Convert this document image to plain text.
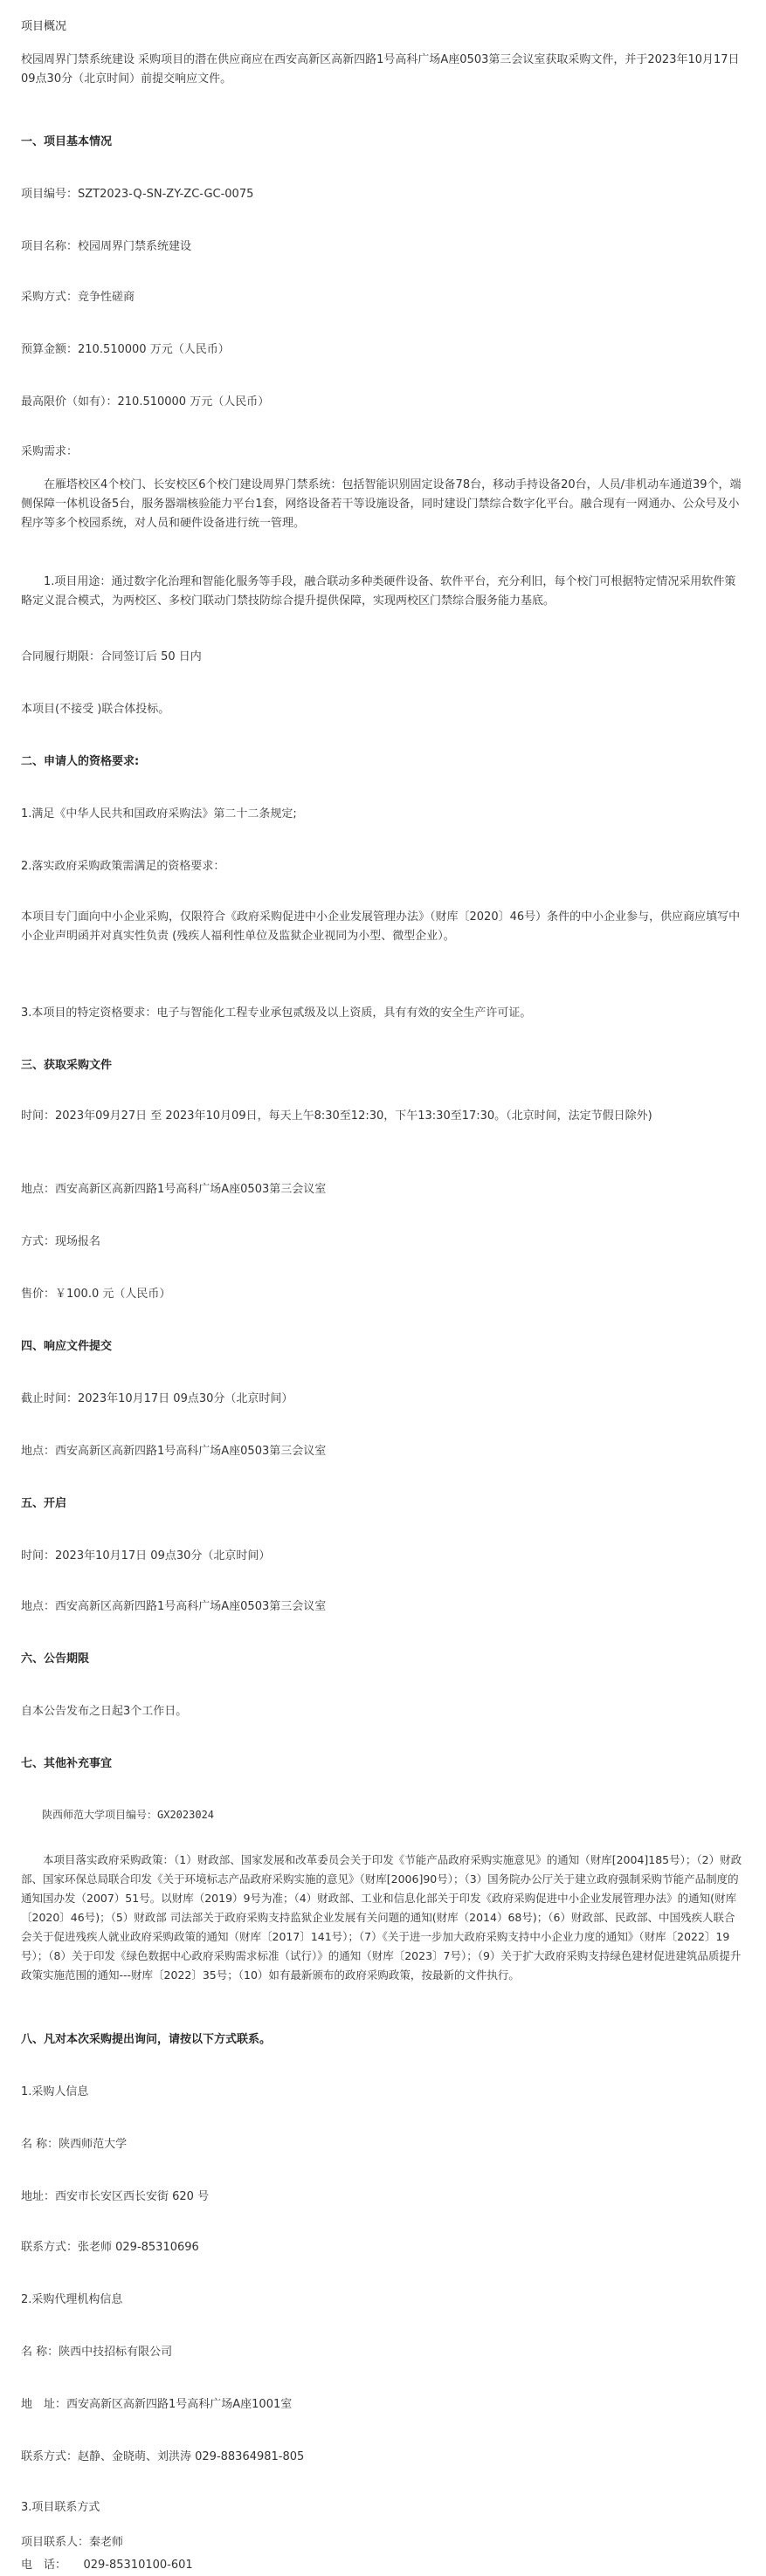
项目概况

校园周界门禁系统建设 采购项目的潜在供应商应在西安高新区高新四路1号高科广场A座0503第三会议室获取采购文件，并于2023年10月17日 09点30分（北京时间）前提交响应文件。

一、项目基本情况

项目编号：SZT2023-Q-SN-ZY-ZC-GC-0075

项目名称：校园周界门禁系统建设

采购方式：竞争性磋商

预算金额：210.510000 万元（人民币）

最高限价（如有）：210.510000 万元（人民币）

采购需求：

在雁塔校区4个校门、长安校区6个校门建设周界门禁系统：包括智能识别固定设备78台，移动手持设备20台，人员/非机动车通道39个，端侧保障一体机设备5台，服务器端核验能力平台1套，网络设备若干等设施设备，同时建设门禁综合数字化平台。融合现有一网通办、公众号及小程序等多个校园系统，对人员和硬件设备进行统一管理。

1.项目用途：通过数字化治理和智能化服务等手段，融合联动多种类硬件设备、软件平台，充分利旧，每个校门可根据特定情况采用软件策略定义混合模式，为两校区、多校门联动门禁技防综合提升提供保障，实现两校区门禁综合服务能力基底。

合同履行期限：合同签订后 50 日内

本项目(不接受 )联合体投标。

二、申请人的资格要求:

1.满足《中华人民共和国政府采购法》第二十二条规定;

2.落实政府采购政策需满足的资格要求：

本项目专门面向中小企业采购，仅限符合《政府采购促进中小企业发展管理办法》（财库〔2020〕46号）条件的中小企业参与，供应商应填写中小企业声明函并对真实性负责 (残疾人福利性单位及监狱企业视同为小型、微型企业）。

3.本项目的特定资格要求：电子与智能化工程专业承包贰级及以上资质，具有有效的安全生产许可证。

三、获取采购文件

时间：2023年09月27日 至 2023年10月09日，每天上午8:30至12:30，下午13:30至17:30。（北京时间，法定节假日除外)

地点：西安高新区高新四路1号高科广场A座0503第三会议室

方式：现场报名

售价：￥100.0 元（人民币）

四、响应文件提交

截止时间：2023年10月17日 09点30分（北京时间）

地点：西安高新区高新四路1号高科广场A座0503第三会议室

五、开启

时间：2023年10月17日 09点30分（北京时间）

地点：西安高新区高新四路1号高科广场A座0503第三会议室

六、公告期限

自本公告发布之日起3个工作日。

七、其他补充事宜

陕西师范大学项目编号：GX2023024

本项目落实政府采购政策：（1）财政部、国家发展和改革委员会关于印发《节能产品政府采购实施意见》的通知（财库[2004]185号）；（2）财政部、国家环保总局联合印发《关于环境标志产品政府采购实施的意见》（财库[2006]90号）；（3）国务院办公厅关于建立政府强制采购节能产品制度的通知国办发（2007）51号。以财库（2019）9号为准；（4）财政部、工业和信息化部关于印发《政府采购促进中小企业发展管理办法》的通知(财库〔2020〕46号)；（5）财政部 司法部关于政府采购支持监狱企业发展有关问题的通知(财库（2014）68号)；（6）财政部、民政部、中国残疾人联合会关于促进残疾人就业政府采购政策的通知（财库〔2017〕141号）；（7）《关于进一步加大政府采购支持中小企业力度的通知》（财库〔2022〕19号）；（8）关于印发《绿色数据中心政府采购需求标准（试行）》的通知（财库〔2023〕7号）；（9）关于扩大政府采购支持绿色建材促进建筑品质提升政策实施范围的通知---财库〔2022〕35号；（10）如有最新颁布的政府采购政策，按最新的文件执行。

八、凡对本次采购提出询问，请按以下方式联系。

1.采购人信息

名 称：陕西师范大学

地址：西安市长安区西长安街 620 号

联系方式：张老师 029-85310696

2.采购代理机构信息

名 称：陕西中技招标有限公司

地　址：西安高新区高新四路1号高科广场A座1001室

联系方式：赵静、金晓萌、刘洪涛 029-88364981-805

3.项目联系方式

项目联系人：秦老师

电　话：　　029-85310100-601
